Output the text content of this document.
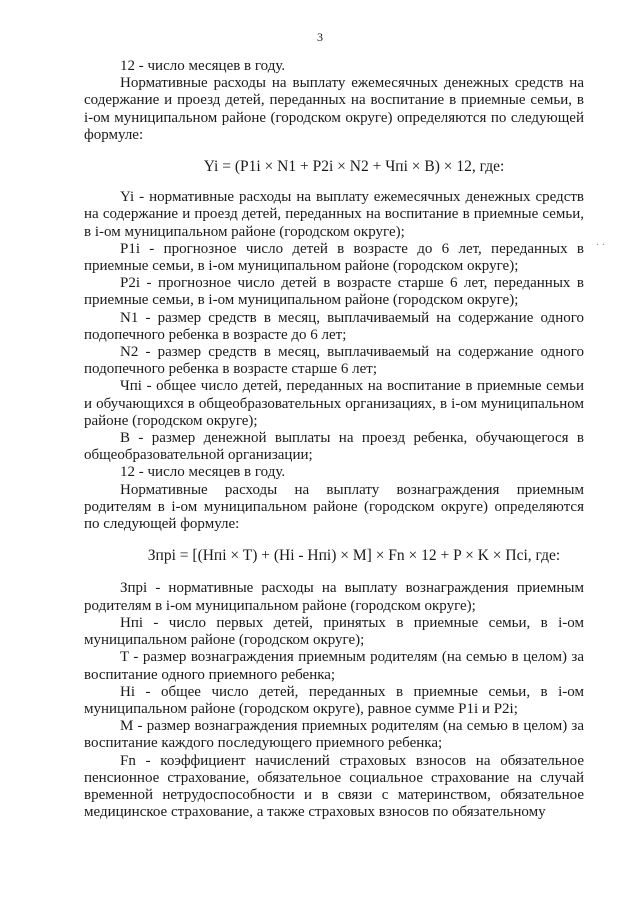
3
· ·

12 - число месяцев в году.

Нормативные расходы на выплату ежемесячных денежных средств на содержание и проезд детей, переданных на воспитание в приемные семьи, в i-ом муниципальном районе (городском округе) определяются по следующей формуле:

Yi = (P1i × N1 + P2i × N2 + Чпi × B) × 12, где:

Yi - нормативные расходы на выплату ежемесячных денежных средств на содержание и проезд детей, переданных на воспитание в приемные семьи, в i-ом муниципальном районе (городском округе);

P1i - прогнозное число детей в возрасте до 6 лет, переданных в приемные семьи, в i-ом муниципальном районе (городском округе);

P2i - прогнозное число детей в возрасте старше 6 лет, переданных в приемные семьи, в i-ом муниципальном районе (городском округе);

N1 - размер средств в месяц, выплачиваемый на содержание одного подопечного ребенка в возрасте до 6 лет;

N2 - размер средств в месяц, выплачиваемый на содержание одного подопечного ребенка в возрасте старше 6 лет;

Чпi - общее число детей, переданных на воспитание в приемные семьи и обучающихся в общеобразовательных организациях, в i-ом муниципальном районе (городском округе);

B - размер денежной выплаты на проезд ребенка, обучающегося в общеобразовательной организации;

12 - число месяцев в году.

Нормативные расходы на выплату вознаграждения приемным родителям в i-ом муниципальном районе (городском округе) определяются по следующей формуле:

Зпрi = [(Нпi × T) + (Hi - Нпi) × M] × Fn × 12 + P × K × Пci, где:

Зпрi - нормативные расходы на выплату вознаграждения приемным родителям в i-ом муниципальном районе (городском округе);

Нпi - число первых детей, принятых в приемные семьи, в i-ом муниципальном районе (городском округе);

T - размер вознаграждения приемным родителям (на семью в целом) за воспитание одного приемного ребенка;

Hi - общее число детей, переданных в приемные семьи, в i-ом муниципальном районе (городском округе), равное сумме P1i и P2i;

M - размер вознаграждения приемных родителям (на семью в целом) за воспитание каждого последующего приемного ребенка;

Fn - коэффициент начислений страховых взносов на обязательное пенсионное страхование, обязательное социальное страхование на случай временной нетрудоспособности и в связи с материнством, обязательное медицинское страхование, а также страховых взносов по обязательному
